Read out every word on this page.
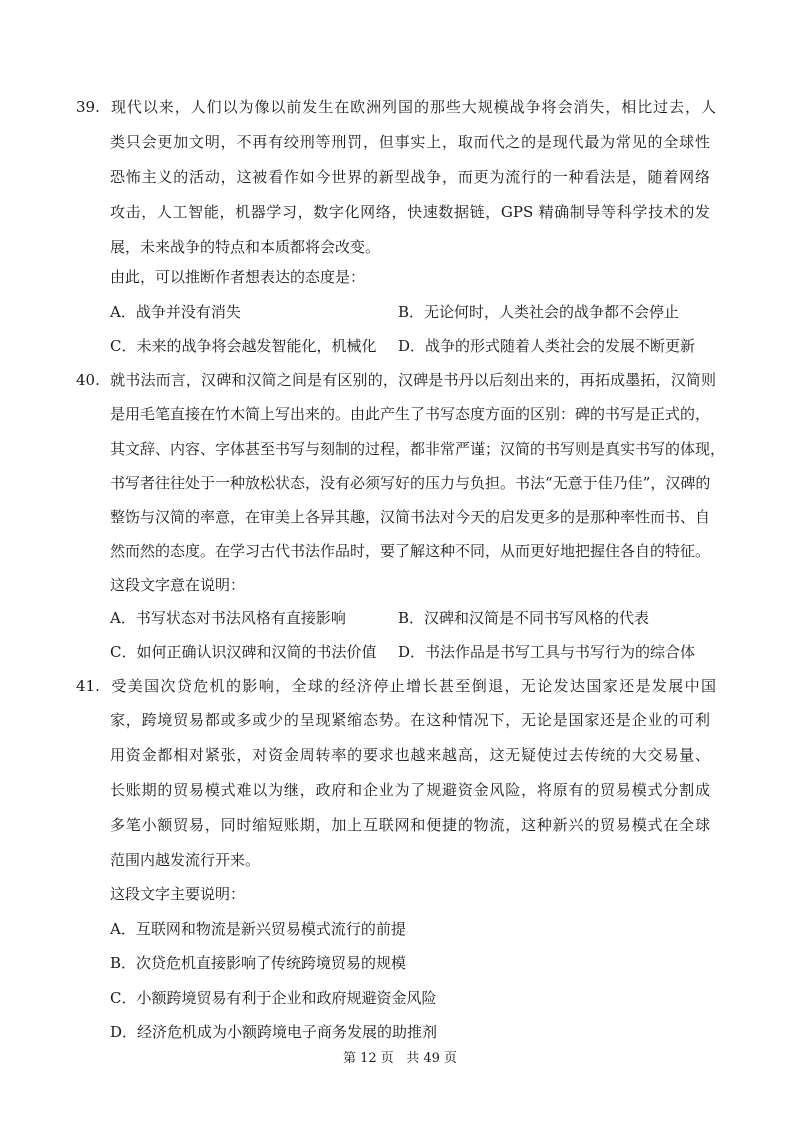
39. 现代以来，人们以为像以前发生在欧洲列国的那些大规模战争将会消失，相比过去，人
类只会更加文明，不再有绞刑等刑罚，但事实上，取而代之的是现代最为常见的全球性
恐怖主义的活动，这被看作如今世界的新型战争，而更为流行的一种看法是，随着网络
攻击，人工智能，机器学习，数字化网络，快速数据链，GPS 精确制导等科学技术的发
展，未来战争的特点和本质都将会改变。
由此，可以推断作者想表达的态度是：
A．战争并没有消失	B．无论何时，人类社会的战争都不会停止
C．未来的战争将会越发智能化，机械化	D．战争的形式随着人类社会的发展不断更新
40. 就书法而言，汉碑和汉简之间是有区别的，汉碑是书丹以后刻出来的，再拓成墨拓，汉简则
是用毛笔直接在竹木简上写出来的。由此产生了书写态度方面的区别：碑的书写是正式的，
其文辞、内容、字体甚至书写与刻制的过程，都非常严谨；汉简的书写则是真实书写的体现，
书写者往往处于一种放松状态，没有必须写好的压力与负担。书法“无意于佳乃佳”，汉碑的
整饬与汉简的率意，在审美上各异其趣，汉简书法对今天的启发更多的是那种率性而书、自
然而然的态度。在学习古代书法作品时，要了解这种不同，从而更好地把握住各自的特征。
这段文字意在说明：
A．书写状态对书法风格有直接影响	B．汉碑和汉简是不同书写风格的代表
C．如何正确认识汉碑和汉简的书法价值	D．书法作品是书写工具与书写行为的综合体
41. 受美国次贷危机的影响，全球的经济停止增长甚至倒退，无论发达国家还是发展中国
家，跨境贸易都或多或少的呈现紧缩态势。在这种情况下，无论是国家还是企业的可利
用资金都相对紧张，对资金周转率的要求也越来越高，这无疑使过去传统的大交易量、
长账期的贸易模式难以为继，政府和企业为了规避资金风险，将原有的贸易模式分割成
多笔小额贸易，同时缩短账期，加上互联网和便捷的物流，这种新兴的贸易模式在全球
范围内越发流行开来。
这段文字主要说明：
A．互联网和物流是新兴贸易模式流行的前提
B．次贷危机直接影响了传统跨境贸易的规模
C．小额跨境贸易有利于企业和政府规避资金风险
D．经济危机成为小额跨境电子商务发展的助推剂
第 12 页   共 49 页
